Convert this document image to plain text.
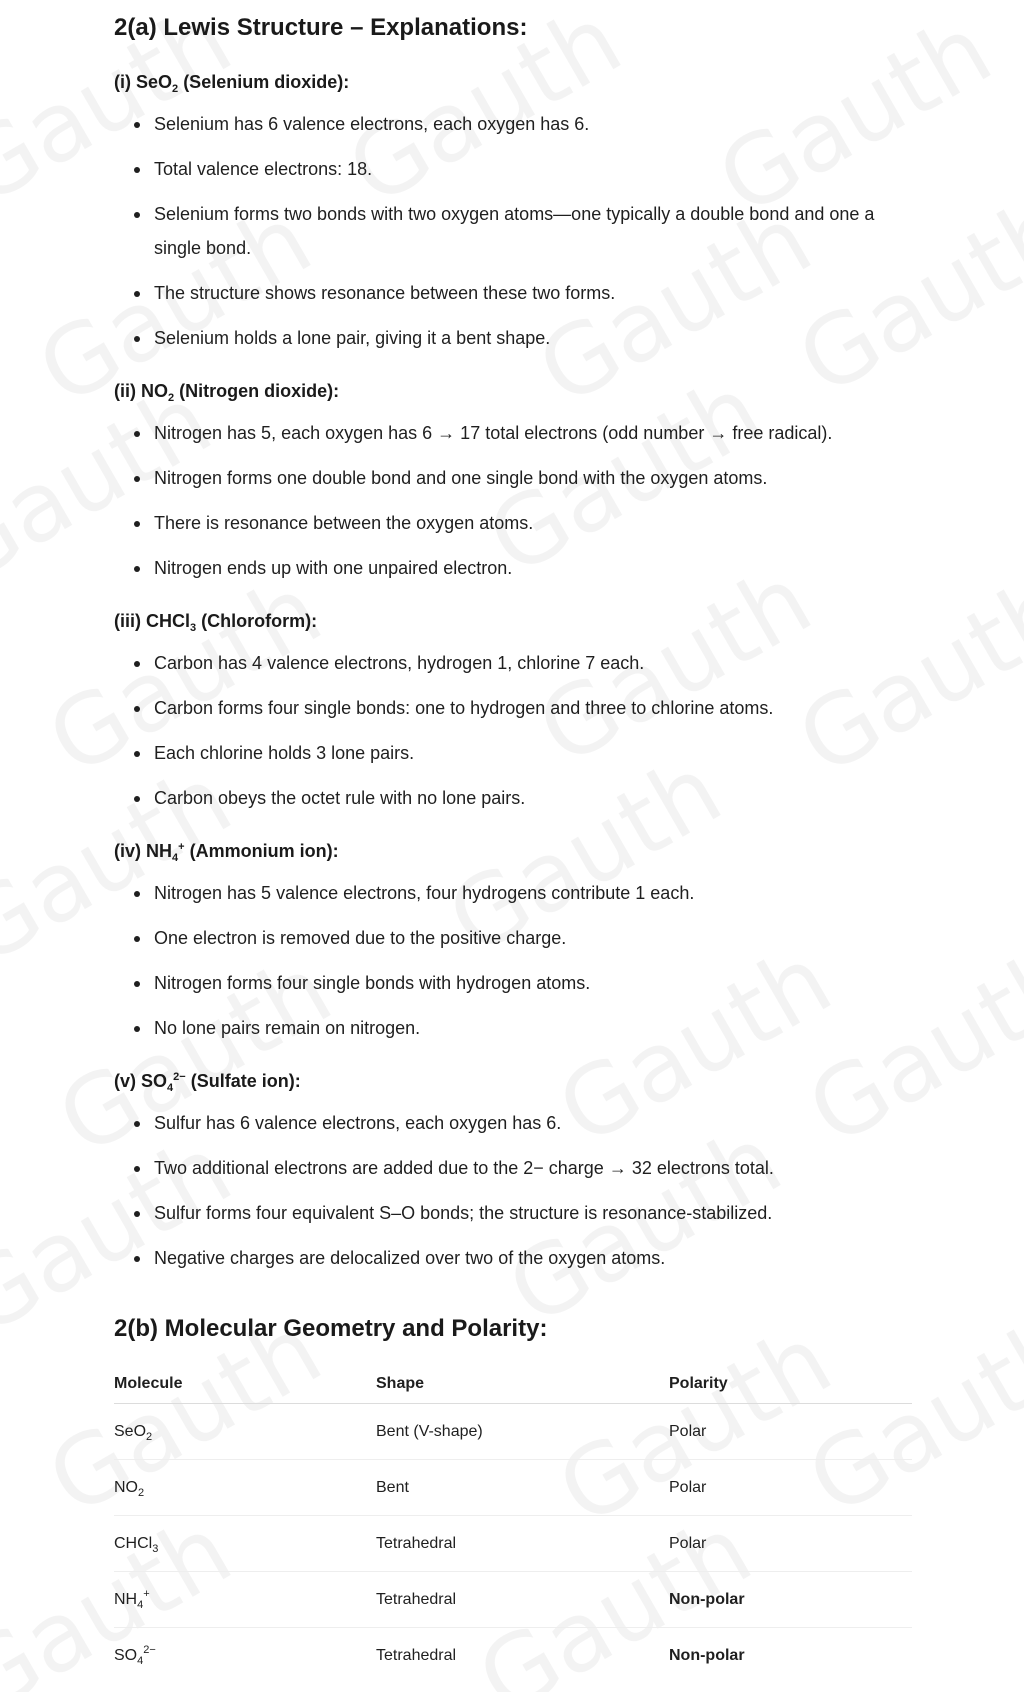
2(a) Lewis Structure – Explanations:
(i) SeO$_2$ (Selenium dioxide):
Selenium has 6 valence electrons, each oxygen has 6.
Total valence electrons: 18.
Selenium forms two bonds with two oxygen atoms—one typically a double bond and one a single bond.
The structure shows resonance between these two forms.
Selenium holds a lone pair, giving it a bent shape.
(ii) $NO_2$ (Nitrogen dioxide):
Nitrogen has 5, each oxygen has 6 → 17 total electrons (odd number → free radical).
Nitrogen forms one double bond and one single bond with the oxygen atoms.
There is resonance between the oxygen atoms.
Nitrogen ends up with one unpaired electron.
(iii) CHCl$_3$ (Chloroform):
Carbon has 4 valence electrons, hydrogen 1, chlorine 7 each.
Carbon forms four single bonds: one to hydrogen and three to chlorine atoms.
Each chlorine holds 3 lone pairs.
Carbon obeys the octet rule with no lone pairs.
(iv) $NH_4^+$ (Ammonium ion):
Nitrogen has 5 valence electrons, four hydrogens contribute 1 each.
One electron is removed due to the positive charge.
Nitrogen forms four single bonds with hydrogen atoms.
No lone pairs remain on nitrogen.
(v) $SO_4^{2-}$ (Sulfate ion):
Sulfur has 6 valence electrons, each oxygen has 6.
Two additional electrons are added due to the 2− charge → 32 electrons total.
Sulfur forms four equivalent S–O bonds; the structure is resonance-stabilized.
Negative charges are delocalized over two of the oxygen atoms.
2(b) Molecular Geometry and Polarity:
Molecule	Shape	Polarity
SeO$_2$	Bent (V-shape)	Polar
$NO_2$	Bent	Polar
CHCl$_3$	Tetrahedral	Polar
$NH_4^+$	Tetrahedral	Non-polar
$SO_4^{2-}$	Tetrahedral	Non-polar
